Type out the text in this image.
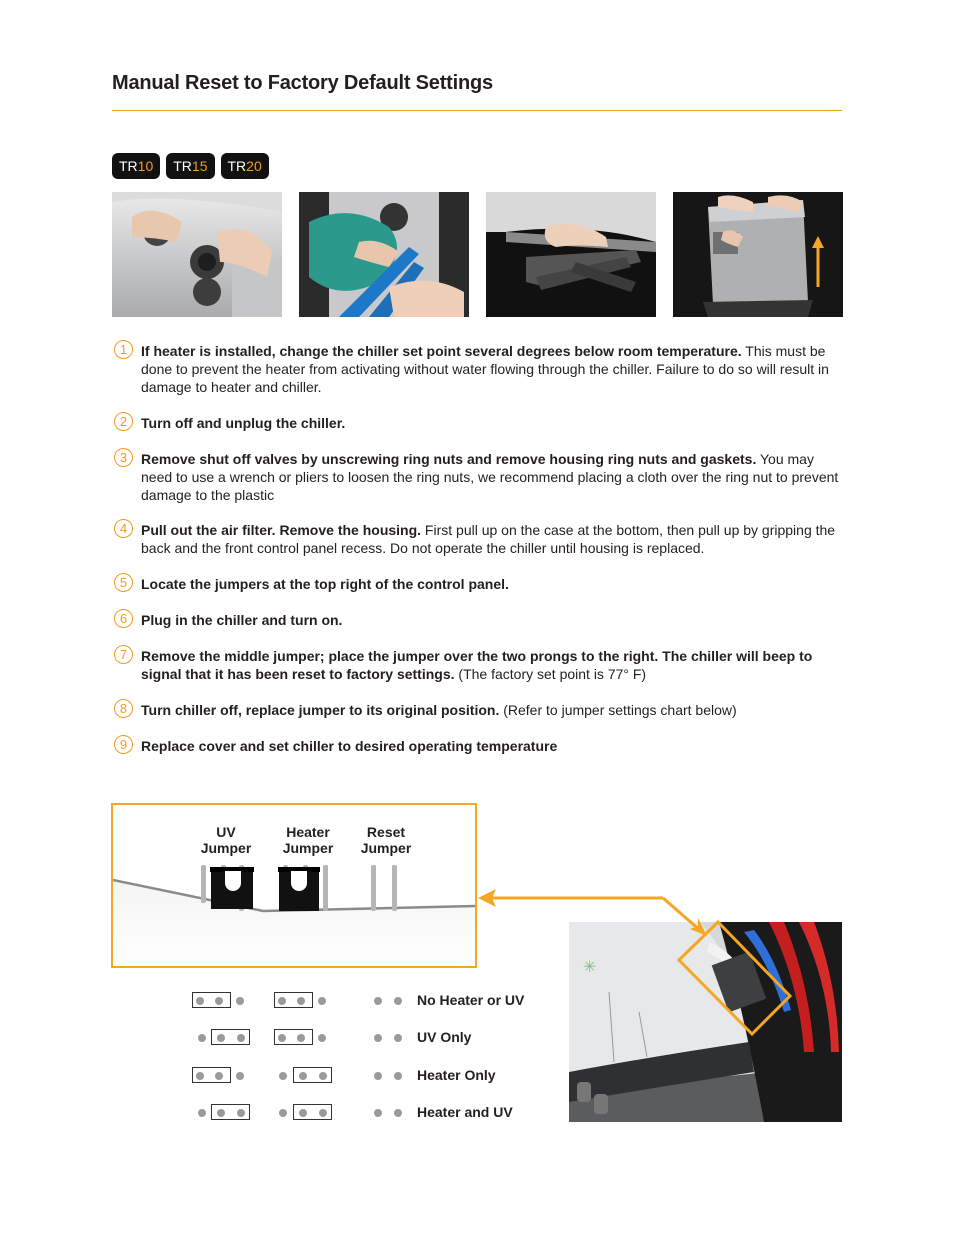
Manual Reset to Factory Default Settings
TR10	TR15	TR20
1 If heater is installed, change the chiller set point several degrees below room temperature. This must be done to prevent the heater from activating without water flowing through the chiller. Failure to do so will result in damage to heater and chiller.
2 Turn off and unplug the chiller.
3 Remove shut off valves by unscrewing ring nuts and remove housing ring nuts and gaskets. You may need to use a wrench or pliers to loosen the ring nuts, we recommend placing a cloth over the ring nut to prevent damage to the plastic
4 Pull out the air filter. Remove the housing. First pull up on the case at the bottom, then pull up by gripping the back and the front control panel recess. Do not operate the chiller until housing is replaced.
5 Locate the jumpers at the top right of the control panel.
6 Plug in the chiller and turn on.
7 Remove the middle jumper; place the jumper over the two prongs to the right. The chiller will beep to signal that it has been reset to factory settings. (The factory set point is 77° F)
8 Turn chiller off, replace jumper to its original position. (Refer to jumper settings chart below)
9 Replace cover and set chiller to desired operating temperature
UV
Jumper
Heater
Jumper
Reset
Jumper
✳
No Heater or UV
UV Only
Heater Only
Heater and UV
